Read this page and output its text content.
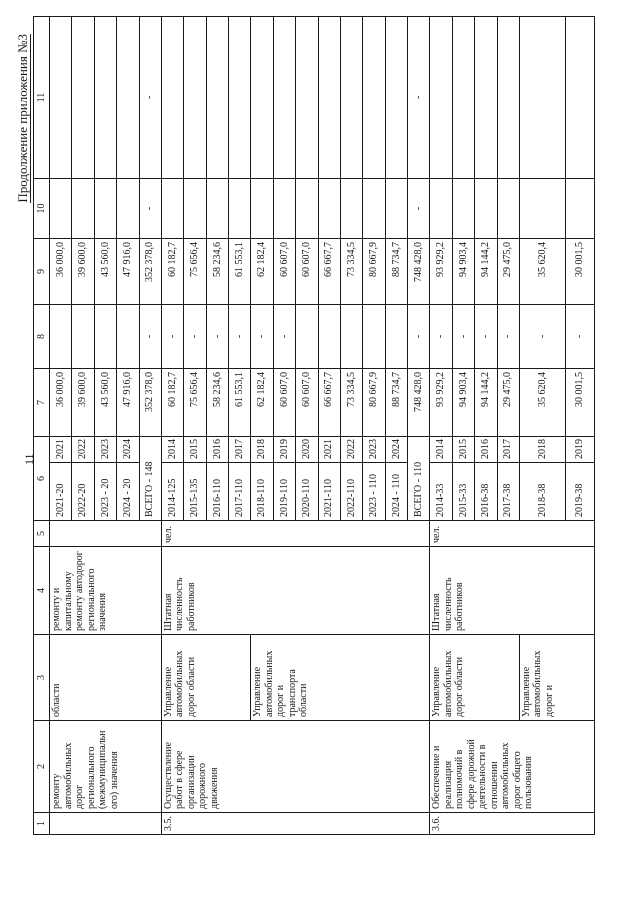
11
Продолжение приложения №3
1	2	3	4	5	6		7	8	9	10	11
	ремонту автомобильных дорог регионального (межмуниципальн ого) значения	области	ремонту и капитальному ремонту автодорог регионального значения		2021-20	2021	36 000,0		36 000,0		
					2022-20	2022	39 600,0		39 600,0		
					2023 - 20	2023	43 560,0		43 560,0		
					2024 - 20	2024	47 916,0		47 916,0		
					ВСЕГО - 148		352 378,0	-	352 378,0	-	-
3.5.	Осуществление работ в сфере организации дорожного движения	Управление автомобильных дорог области	Штатная численность работников	чел.	2014-125	2014	60 182,7	-	60 182,7		
					2015-135	2015	75 656,4	-	75 656,4		
					2016-110	2016	58 234,6	-	58 234,6		
					2017-110	2017	61 553,1	-	61 553,1		
		Управление автомобильных дорог и транспорта области			2018-110	2018	62 182,4	-	62 182,4		
					2019-110	2019	60 607,0	-	60 607,0		
					2020-110	2020	60 607,0		60 607,0		
					2021-110	2021	66 667,7		66 667,7		
					2022-110	2022	73 334,5		73 334,5		
					2023 - 110	2023	80 667,9		80 667,9		
					2024 - 110	2024	88 734,7		88 734,7		
					ВСЕГО - 110		748 428,0	-	748 428,0	-	-
3.6.	Обеспечение и реализация полномочий в сфере дорожной деятельности в отношении автомобильных дорог общего пользования	Управление автомобильных дорог области	Штатная численность работников	чел.	2014-33	2014	93 929,2	-	93 929,2		
					2015-33	2015	94 903,4	-	94 903,4		
					2016-38	2016	94 144,2	-	94 144,2		
					2017-38	2017	29 475,0	-	29 475,0		
		Управление автомобильных дорог и			2018-38	2018	35 620,4	-	35 620,4		
					2019-38	2019	30 001,5	-	30 001,5		
